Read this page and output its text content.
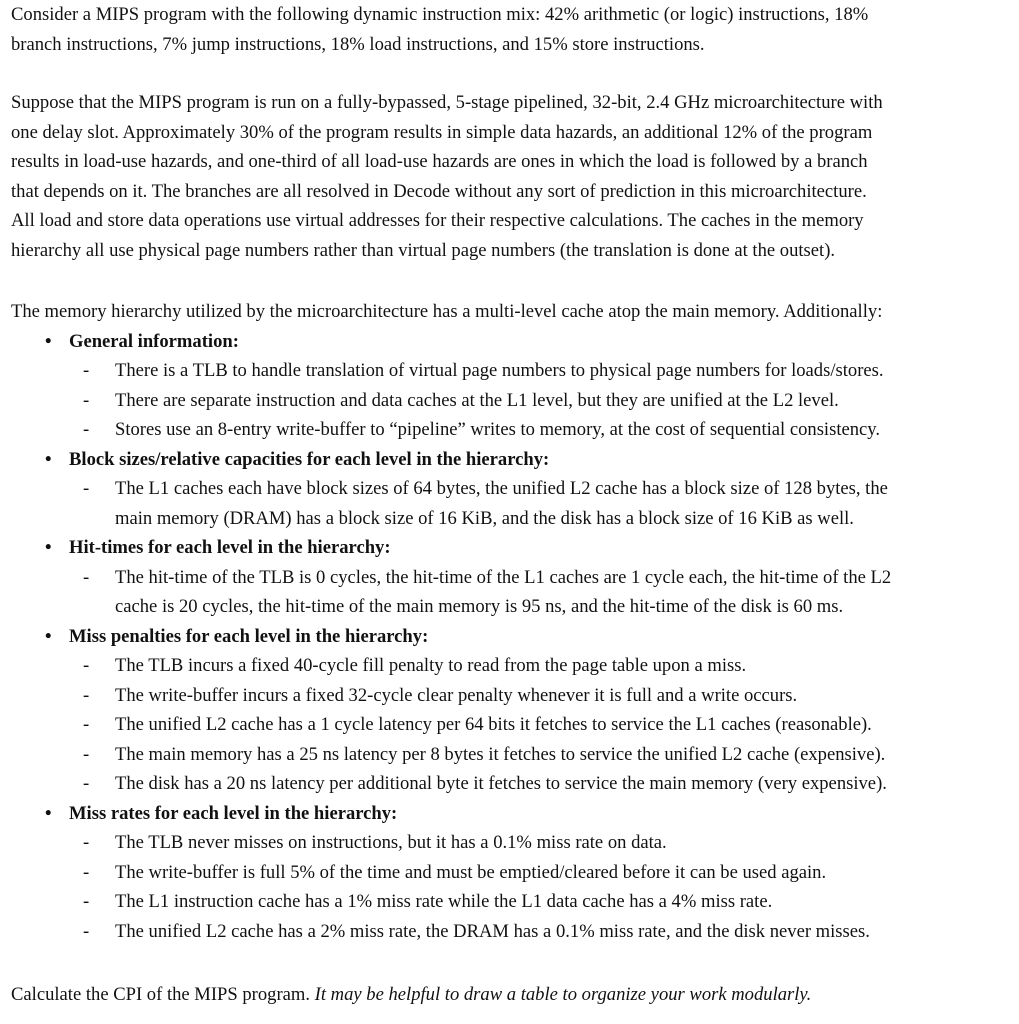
Consider a MIPS program with the following dynamic instruction mix: 42% arithmetic (or logic) instructions, 18%
branch instructions, 7% jump instructions, 18% load instructions, and 15% store instructions.
Suppose that the MIPS program is run on a fully-bypassed, 5-stage pipelined, 32-bit, 2.4 GHz microarchitecture with
one delay slot. Approximately 30% of the program results in simple data hazards, an additional 12% of the program
results in load-use hazards, and one-third of all load-use hazards are ones in which the load is followed by a branch
that depends on it. The branches are all resolved in Decode without any sort of prediction in this microarchitecture.
All load and store data operations use virtual addresses for their respective calculations. The caches in the memory
hierarchy all use physical page numbers rather than virtual page numbers (the translation is done at the outset).
The memory hierarchy utilized by the microarchitecture has a multi-level cache atop the main memory. Additionally:
• General information:
- There is a TLB to handle translation of virtual page numbers to physical page numbers for loads/stores.
- There are separate instruction and data caches at the L1 level, but they are unified at the L2 level.
- Stores use an 8-entry write-buffer to “pipeline” writes to memory, at the cost of sequential consistency.
• Block sizes/relative capacities for each level in the hierarchy:
- The L1 caches each have block sizes of 64 bytes, the unified L2 cache has a block size of 128 bytes, the
main memory (DRAM) has a block size of 16 KiB, and the disk has a block size of 16 KiB as well.
• Hit-times for each level in the hierarchy:
- The hit-time of the TLB is 0 cycles, the hit-time of the L1 caches are 1 cycle each, the hit-time of the L2
cache is 20 cycles, the hit-time of the main memory is 95 ns, and the hit-time of the disk is 60 ms.
• Miss penalties for each level in the hierarchy:
- The TLB incurs a fixed 40-cycle fill penalty to read from the page table upon a miss.
- The write-buffer incurs a fixed 32-cycle clear penalty whenever it is full and a write occurs.
- The unified L2 cache has a 1 cycle latency per 64 bits it fetches to service the L1 caches (reasonable).
- The main memory has a 25 ns latency per 8 bytes it fetches to service the unified L2 cache (expensive).
- The disk has a 20 ns latency per additional byte it fetches to service the main memory (very expensive).
• Miss rates for each level in the hierarchy:
- The TLB never misses on instructions, but it has a 0.1% miss rate on data.
- The write-buffer is full 5% of the time and must be emptied/cleared before it can be used again.
- The L1 instruction cache has a 1% miss rate while the L1 data cache has a 4% miss rate.
- The unified L2 cache has a 2% miss rate, the DRAM has a 0.1% miss rate, and the disk never misses.
Calculate the CPI of the MIPS program. It may be helpful to draw a table to organize your work modularly.
